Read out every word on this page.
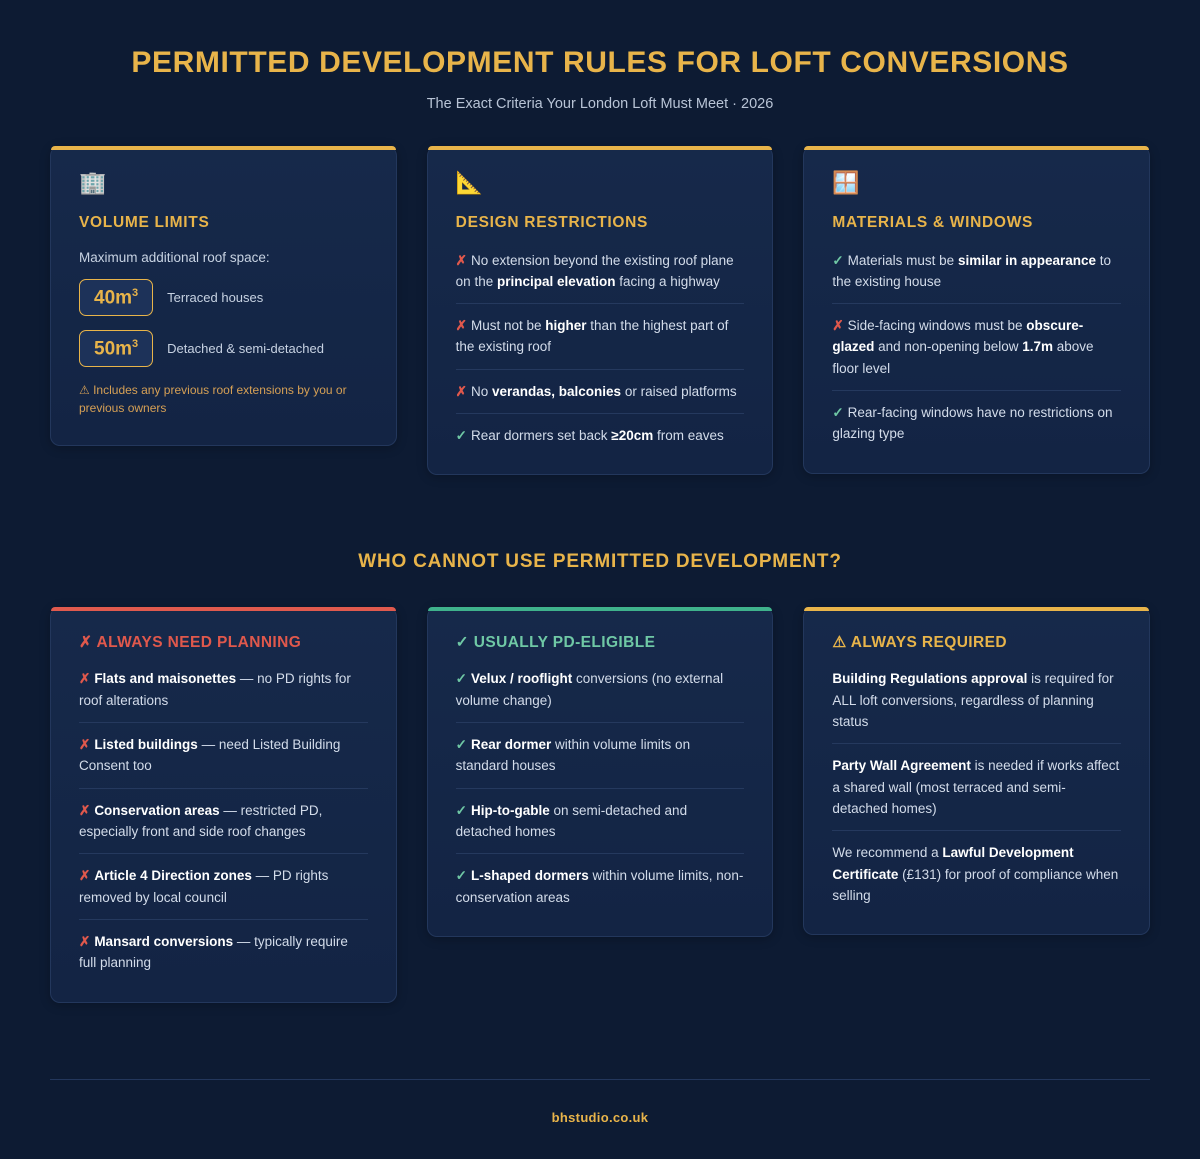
PERMITTED DEVELOPMENT RULES FOR LOFT CONVERSIONS
The Exact Criteria Your London Loft Must Meet · 2026
🏢
VOLUME LIMITS

Maximum additional roof space:

$40m^3$	Terraced houses
$50m^3$	Detached & semi-detached
⚠ Includes any previous roof extensions by you or previous owners
📐
DESIGN RESTRICTIONS
✗ No extension beyond the existing roof plane on the principal elevation facing a highway
✗ Must not be higher than the highest part of the existing roof
✗ No verandas, balconies or raised platforms
✓ Rear dormers set back ≥20cm from eaves
🪟
MATERIALS & WINDOWS
✓ Materials must be similar in appearance to the existing house
✗ Side-facing windows must be obscure-glazed and non-opening below 1.7m above floor level
✓ Rear-facing windows have no restrictions on glazing type
WHO CANNOT USE PERMITTED DEVELOPMENT?
✗ ALWAYS NEED PLANNING
✗ Flats and maisonettes — no PD rights for roof alterations
✗ Listed buildings — need Listed Building Consent too
✗ Conservation areas — restricted PD, especially front and side roof changes
✗ Article 4 Direction zones — PD rights removed by local council
✗ Mansard conversions — typically require full planning
✓ USUALLY PD-ELIGIBLE
✓ Velux / rooflight conversions (no external volume change)
✓ Rear dormer within volume limits on standard houses
✓ Hip-to-gable on semi-detached and detached homes
✓ L-shaped dormers within volume limits, non-conservation areas
⚠ ALWAYS REQUIRED
Building Regulations approval is required for ALL loft conversions, regardless of planning status
Party Wall Agreement is needed if works affect a shared wall (most terraced and semi-detached homes)
We recommend a Lawful Development Certificate (£131) for proof of compliance when selling
bhstudio.co.uk
